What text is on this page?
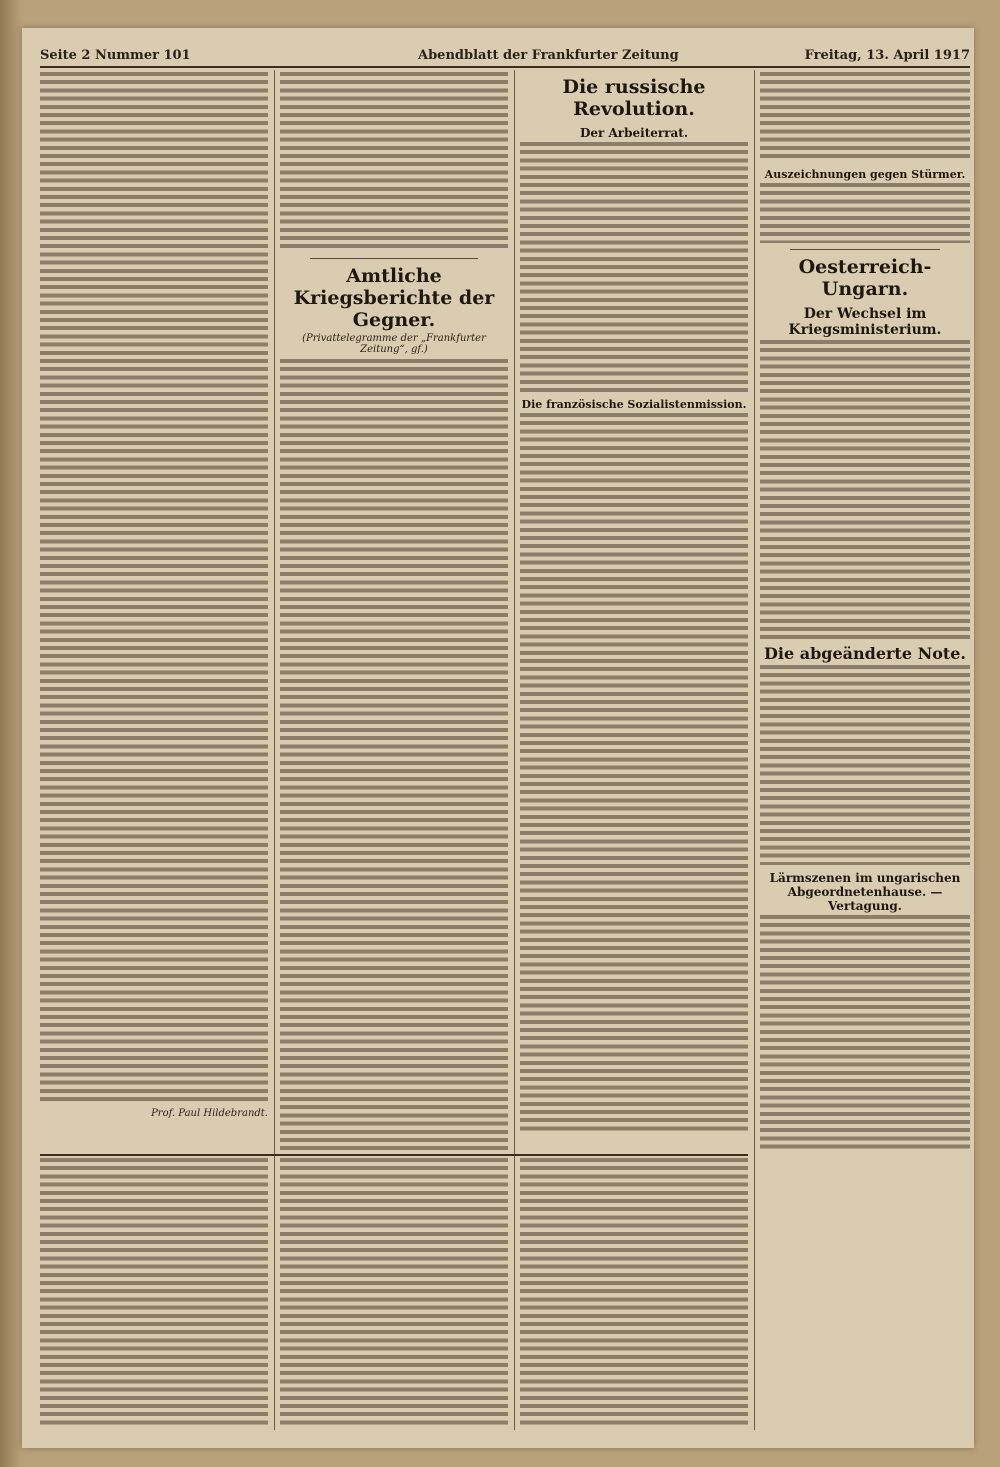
Seite 2 Nummer 101	Abendblatt der Frankfurter Zeitung	Freitag, 13. April 1917
Prof. Paul Hildebrandt.
Amtliche Kriegsberichte der Gegner.
(Privattelegramme der „Frankfurter Zeitung“, gf.)
Die russische Revolution.
Der Arbeiterrat.
Die französische Sozialistenmission.
Auszeichnungen gegen Stürmer.
Oesterreich-Ungarn.
Der Wechsel im Kriegsministerium.
Die abgeänderte Note.
Lärmszenen im ungarischen Abgeordnetenhause. — Vertagung.
